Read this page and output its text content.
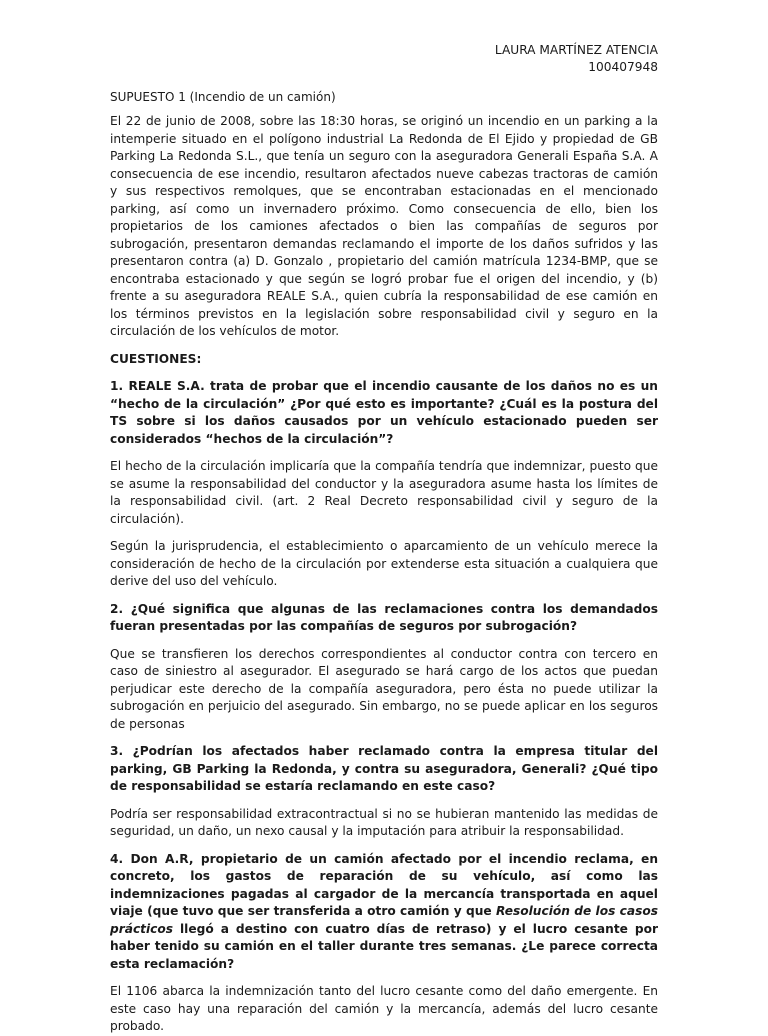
LAURA MARTÍNEZ ATENCIA
100407948
SUPUESTO 1 (Incendio de un camión)

El 22 de junio de 2008, sobre las 18:30 horas, se originó un incendio en un parking a la intemperie situado en el polígono industrial La Redonda de El Ejido y propiedad de GB Parking La Redonda S.L., que tenía un seguro con la aseguradora Generali España S.A. A consecuencia de ese incendio, resultaron afectados nueve cabezas tractoras de camión y sus respectivos remolques, que se encontraban estacionadas en el mencionado parking, así como un invernadero próximo. Como consecuencia de ello, bien los propietarios de los camiones afectados o bien las compañías de seguros por subrogación, presentaron demandas reclamando el importe de los daños sufridos y las presentaron contra (a) D. Gonzalo , propietario del camión matrícula 1234-BMP, que se encontraba estacionado y que según se logró probar fue el origen del incendio, y (b) frente a su aseguradora REALE S.A., quien cubría la responsabilidad de ese camión en los términos previstos en la legislación sobre responsabilidad civil y seguro en la circulación de los vehículos de motor.

CUESTIONES:

1. REALE S.A. trata de probar que el incendio causante de los daños no es un “hecho de la circulación” ¿Por qué esto es importante? ¿Cuál es la postura del TS sobre si los daños causados por un vehículo estacionado pueden ser considerados “hechos de la circulación”?

El hecho de la circulación implicaría que la compañía tendría que indemnizar, puesto que se asume la responsabilidad del conductor y la aseguradora asume hasta los límites de la responsabilidad civil. (art. 2 Real Decreto responsabilidad civil y seguro de la circulación).

Según la jurisprudencia, el establecimiento o aparcamiento de un vehículo merece la consideración de hecho de la circulación por extenderse esta situación a cualquiera que derive del uso del vehículo.

2. ¿Qué significa que algunas de las reclamaciones contra los demandados fueran presentadas por las compañías de seguros por subrogación?

Que se transfieren los derechos correspondientes al conductor contra con tercero en caso de siniestro al asegurador. El asegurado se hará cargo de los actos que puedan perjudicar este derecho de la compañía aseguradora, pero ésta no puede utilizar la subrogación en perjuicio del asegurado. Sin embargo, no se puede aplicar en los seguros de personas

3. ¿Podrían los afectados haber reclamado contra la empresa titular del parking, GB Parking la Redonda, y contra su aseguradora, Generali? ¿Qué tipo de responsabilidad se estaría reclamando en este caso?

Podría ser responsabilidad extracontractual si no se hubieran mantenido las medidas de seguridad, un daño, un nexo causal y la imputación para atribuir la responsabilidad.

4. Don A.R, propietario de un camión afectado por el incendio reclama, en concreto, los gastos de reparación de su vehículo, así como las indemnizaciones pagadas al cargador de la mercancía transportada en aquel viaje (que tuvo que ser transferida a otro camión y que Resolución de los casos prácticos llegó a destino con cuatro días de retraso) y el lucro cesante por haber tenido su camión en el taller durante tres semanas. ¿Le parece correcta esta reclamación?

El 1106 abarca la indemnización tanto del lucro cesante como del daño emergente. En este caso hay una reparación del camión y la mercancía, además del lucro cesante probado.
